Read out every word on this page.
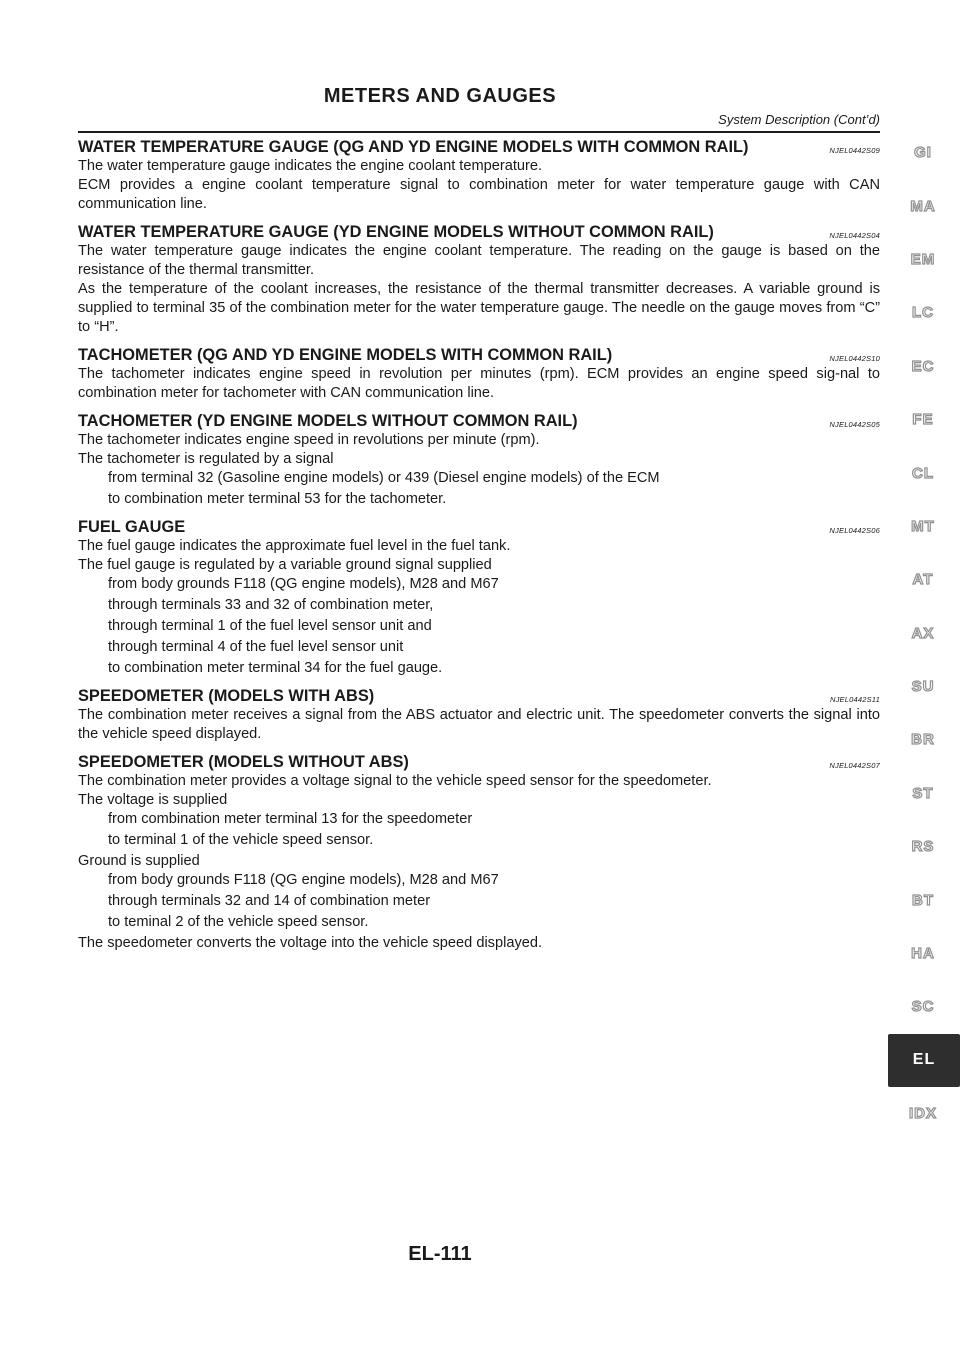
METERS AND GAUGES
System Description (Cont’d)
WATER TEMPERATURE GAUGE (QG AND YD ENGINE MODELS WITH COMMON RAIL)	NJEL0442S09

The water temperature gauge indicates the engine coolant temperature.

ECM provides a engine coolant temperature signal to combination meter for water temperature gauge with CAN communication line.

WATER TEMPERATURE GAUGE (YD ENGINE MODELS WITHOUT COMMON RAIL)	NJEL0442S04

The water temperature gauge indicates the engine coolant temperature. The reading on the gauge is based on the resistance of the thermal transmitter.

As the temperature of the coolant increases, the resistance of the thermal transmitter decreases. A variable ground is supplied to terminal 35 of the combination meter for the water temperature gauge. The needle on the gauge moves from “C” to “H”.

TACHOMETER (QG AND YD ENGINE MODELS WITH COMMON RAIL)	NJEL0442S10

The tachometer indicates engine speed in revolution per minutes (rpm). ECM provides an engine speed sig-nal to combination meter for tachometer with CAN communication line.

TACHOMETER (YD ENGINE MODELS WITHOUT COMMON RAIL)	NJEL0442S05

The tachometer indicates engine speed in revolutions per minute (rpm).

The tachometer is regulated by a signal

from terminal 32 (Gasoline engine models) or 439 (Diesel engine models) of the ECM

to combination meter terminal 53 for the tachometer.

FUEL GAUGE	NJEL0442S06

The fuel gauge indicates the approximate fuel level in the fuel tank.

The fuel gauge is regulated by a variable ground signal supplied

from body grounds F118 (QG engine models), M28 and M67

through terminals 33 and 32 of combination meter,

through terminal 1 of the fuel level sensor unit and

through terminal 4 of the fuel level sensor unit

to combination meter terminal 34 for the fuel gauge.

SPEEDOMETER (MODELS WITH ABS)	NJEL0442S11

The combination meter receives a signal from the ABS actuator and electric unit. The speedometer converts the signal into the vehicle speed displayed.

SPEEDOMETER (MODELS WITHOUT ABS)	NJEL0442S07

The combination meter provides a voltage signal to the vehicle speed sensor for the speedometer.

The voltage is supplied

from combination meter terminal 13 for the speedometer

to terminal 1 of the vehicle speed sensor.

Ground is supplied

from body grounds F118 (QG engine models), M28 and M67

through terminals 32 and 14 of combination meter

to teminal 2 of the vehicle speed sensor.

The speedometer converts the voltage into the vehicle speed displayed.

GI
MA
EM
LC
EC
FE
CL
MT
AT
AX
SU
BR
ST
RS
BT
HA
SC
EL
IDX
EL-111
